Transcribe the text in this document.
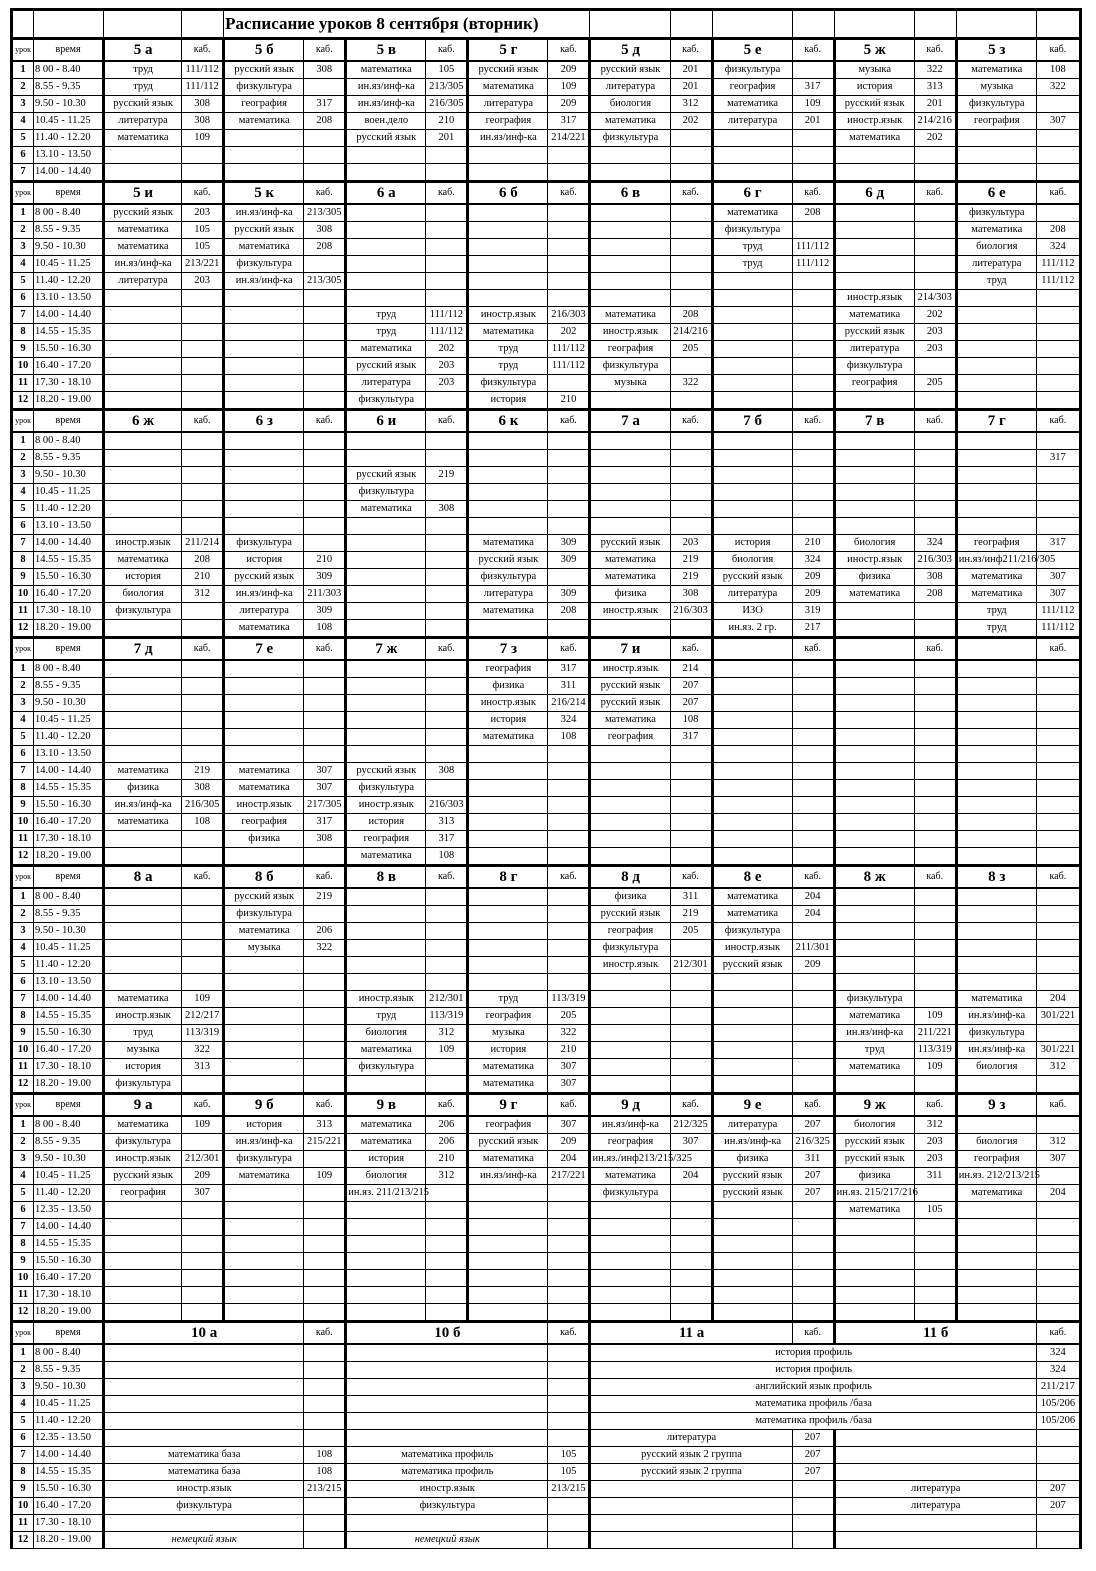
				Расписание уроков 8 сентября (вторник)													
урок	время	5 а	каб.	5 б	каб.	5 в	каб.	5 г	каб.	5 д	каб.	5 е	каб.	5 ж	каб.	5 з	каб.
1	8 00 - 8.40	труд	111/112	русский язык	308	математика	105	русский язык	209	русский язык	201	физкультура		музыка	322	математика	108
2	8.55 - 9.35	труд	111/112	физкультура		ин.яз/инф-ка	213/305	математика	109	литература	201	география	317	история	313	музыка	322
3	9.50 - 10.30	русский язык	308	география	317	ин.яз/инф-ка	216/305	литература	209	биология	312	математика	109	русский язык	201	физкультура	
4	10.45 - 11.25	литература	308	математика	208	воен.дело	210	география	317	математика	202	литература	201	иностр.язык	214/216	география	307
5	11.40 - 12.20	математика	109			русский язык	201	ин.яз/инф-ка	214/221	физкультура				математика	202		
6	13.10 - 13.50																
7	14.00 - 14.40																
урок	время	5 и	каб.	5 к	каб.	6 а	каб.	6 б	каб.	6 в	каб.	6 г	каб.	6 д	каб.	6 е	каб.
1	8 00 - 8.40	русский язык	203	ин.яз/инф-ка	213/305							математика	208			физкультура	
2	8.55 - 9.35	математика	105	русский язык	308							физкультура				математика	208
3	9.50 - 10.30	математика	105	математика	208							труд	111/112			биология	324
4	10.45 - 11.25	ин.яз/инф-ка	213/221	физкультура								труд	111/112			литература	111/112
5	11.40 - 12.20	литература	203	ин.яз/инф-ка	213/305											труд	111/112
6	13.10 - 13.50													иностр.язык	214/303		
7	14.00 - 14.40					труд	111/112	иностр.язык	216/303	математика	208			математика	202		
8	14.55 - 15.35					труд	111/112	математика	202	иностр.язык	214/216			русский язык	203		
9	15.50 - 16.30					математика	202	труд	111/112	география	205			литература	203		
10	16.40 - 17.20					русский язык	203	труд	111/112	физкультура				физкультура			
11	17.30 - 18.10					литература	203	физкультура		музыка	322			география	205		
12	18.20 - 19.00					физкультура		история	210								
урок	время	6 ж	каб.	6 з	каб.	6 и	каб.	6 к	каб.	7 а	каб.	7 б	каб.	7 в	каб.	7 г	каб.
1	8 00 - 8.40																
2	8.55 - 9.35																317
3	9.50 - 10.30					русский язык	219										
4	10.45 - 11.25					физкультура											
5	11.40 - 12.20					математика	308										
6	13.10 - 13.50																
7	14.00 - 14.40	иностр.язык	211/214	физкультура				математика	309	русский язык	203	история	210	биология	324	география	317
8	14.55 - 15.35	математика	208	история	210			русский язык	309	математика	219	биология	324	иностр.язык	216/303	ин.яз/инф211/216/305	
9	15.50 - 16.30	история	210	русский язык	309			физкультура		математика	219	русский язык	209	физика	308	математика	307
10	16.40 - 17.20	биология	312	ин.яз/инф-ка	211/303			литература	309	физика	308	литература	209	математика	208	математика	307
11	17.30 - 18.10	физкультура		литература	309			математика	208	иностр.язык	216/303	ИЗО	319			труд	111/112
12	18.20 - 19.00			математика	108							ин.яз. 2 гр.	217			труд	111/112
урок	время	7 д	каб.	7 е	каб.	7 ж	каб.	7 з	каб.	7 и	каб.		каб.		каб.		каб.
1	8 00 - 8.40							география	317	иностр.язык	214						
2	8.55 - 9.35							физика	311	русский язык	207						
3	9.50 - 10.30							иностр.язык	216/214	русский язык	207						
4	10.45 - 11.25							история	324	математика	108						
5	11.40 - 12.20							математика	108	география	317						
6	13.10 - 13.50																
7	14.00 - 14.40	математика	219	математика	307	русский язык	308										
8	14.55 - 15.35	физика	308	математика	307	физкультура											
9	15.50 - 16.30	ин.яз/инф-ка	216/305	иностр.язык	217/305	иностр.язык	216/303										
10	16.40 - 17.20	математика	108	география	317	история	313										
11	17.30 - 18.10			физика	308	география	317										
12	18.20 - 19.00					математика	108										
урок	время	8 а	каб.	8 б	каб.	8 в	каб.	8 г	каб.	8 д	каб.	8 е	каб.	8 ж	каб.	8 з	каб.
1	8 00 - 8.40			русский язык	219					физика	311	математика	204				
2	8.55 - 9.35			физкультура						русский язык	219	математика	204				
3	9.50 - 10.30			математика	206					география	205	физкультура					
4	10.45 - 11.25			музыка	322					физкультура		иностр.язык	211/301				
5	11.40 - 12.20									иностр.язык	212/301	русский язык	209				
6	13.10 - 13.50																
7	14.00 - 14.40	математика	109			иностр.язык	212/301	труд	113/319					физкультура		математика	204
8	14.55 - 15.35	иностр.язык	212/217			труд	113/319	география	205					математика	109	ин.яз/инф-ка	301/221
9	15.50 - 16.30	труд	113/319			биология	312	музыка	322					ин.яз/инф-ка	211/221	физкультура	
10	16.40 - 17.20	музыка	322			математика	109	история	210					труд	113/319	ин.яз/инф-ка	301/221
11	17.30 - 18.10	история	313			физкультура		математика	307					математика	109	биология	312
12	18.20 - 19.00	физкультура						математика	307								
урок	время	9 а	каб.	9 б	каб.	9 в	каб.	9 г	каб.	9 д	каб.	9 е	каб.	9 ж	каб.	9 з	каб.
1	8 00 - 8.40	математика	109	история	313	математика	206	география	307	ин.яз/инф-ка	212/325	литература	207	биология	312		
2	8.55 - 9.35	физкультура		ин.яз/инф-ка	215/221	математика	206	русский язык	209	география	307	ин.яз/инф-ка	216/325	русский язык	203	биология	312
3	9.50 - 10.30	иностр.язык	212/301	физкультура		история	210	математика	204	ин.яз./инф213/215/325		физика	311	русский язык	203	география	307
4	10.45 - 11.25	русский язык	209	математика	109	биология	312	ин.яз/инф-ка	217/221	математика	204	русский язык	207	физика	311	ин.яз. 212/213/215	
5	11.40 - 12.20	география	307			ин.яз. 211/213/215				физкультура		русский язык	207	ин.яз. 215/217/216		математика	204
6	12.35 - 13.50													математика	105		
7	14.00 - 14.40																
8	14.55 - 15.35																
9	15.50 - 16.30																
10	16.40 - 17.20																
11	17.30 - 18.10																
12	18.20 - 19.00																
урок	время	10 а			каб.	10 б			каб.	11 а			каб.	11 б			каб.
1	8 00 - 8.40									история профиль							324
2	8.55 - 9.35									история профиль							324
3	9.50 - 10.30									английский язык профиль							211/217
4	10.45 - 11.25									математика профиль /база							105/206
5	11.40 - 12.20									математика профиль /база							105/206
6	12.35 - 13.50									литература			207				
7	14.00 - 14.40	математика база			108	математика профиль			105	русский язык 2 группа			207				
8	14.55 - 15.35	математика база			108	математика профиль			105	русский язык 2 группа			207				
9	15.50 - 16.30	иностр.язык			213/215	иностр.язык			213/215					литература			207
10	16.40 - 17.20	физкультура				физкультура								литература			207
11	17.30 - 18.10																
12	18.20 - 19.00	немецкий язык				немецкий язык											
